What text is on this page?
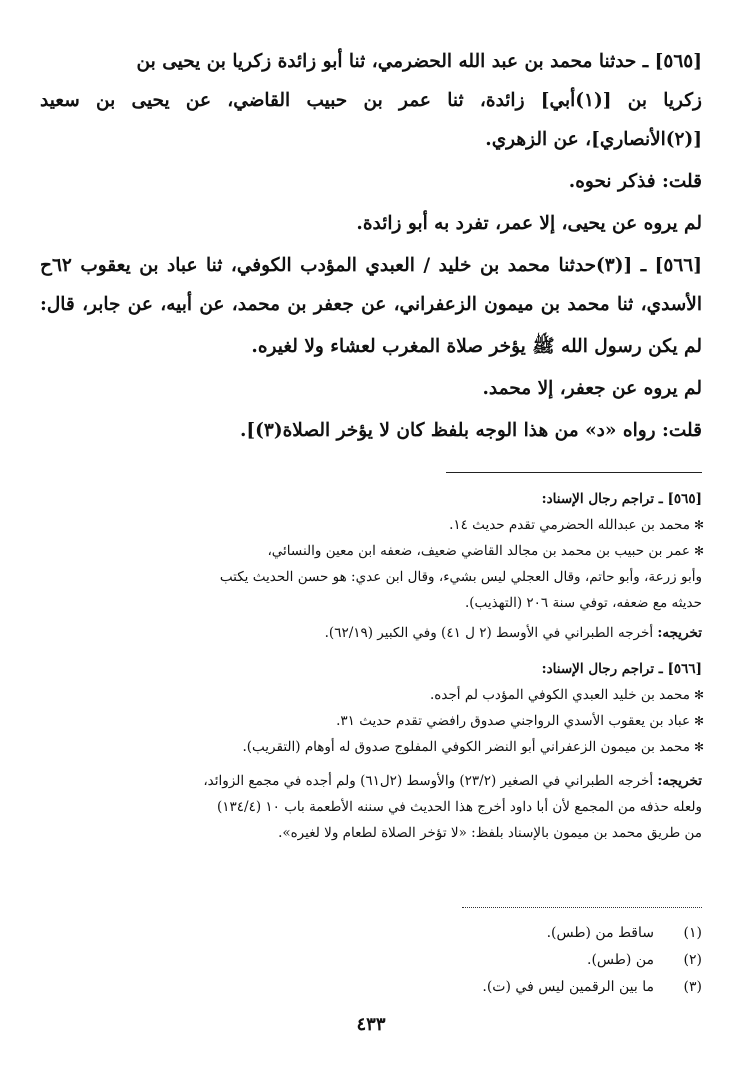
[٥٦٥] ـ حدثنا محمد بن عبد الله الحضرمي، ثنا أبو زائدة زكريا بن يحيى بن

زكريا بن [(١)أبي] زائدة، ثنا عمر بن حبيب القاضي، عن يحيى بن سعيد

[(٢)الأنصاري]، عن الزهري.

قلت: فذكر نحوه.

لم يروه عن يحيى، إلا عمر، تفرد به أبو زائدة.

[٥٦٦] ـ [(٣)حدثنا محمد بن خليد / العبدي المؤدب الكوفي، ثنا عباد بن يعقوب ٦٢ح

الأسدي، ثنا محمد بن ميمون الزعفراني، عن جعفر بن محمد، عن أبيه، عن جابر، قال:

لم يكن رسول الله ﷺ يؤخر صلاة المغرب لعشاء ولا لغيره.

لم يروه عن جعفر، إلا محمد.

قلت: رواه «د» من هذا الوجه بلفظ كان لا يؤخر الصلاة(٣)].

[٥٦٥] ـ تراجم رجال الإسناد:
✻ محمد بن عبدالله الحضرمي تقدم حديث ١٤.
✻ عمر بن حبيب بن محمد بن مجالد القاضي ضعيف، ضعفه ابن معين والنسائي،
وأبو زرعة، وأبو حاتم، وقال العجلي ليس بشيء، وقال ابن عدي: هو حسن الحديث يكتب
حديثه مع ضعفه، توفي سنة ٢٠٦ (التهذيب).
تخريجه: أخرجه الطبراني في الأوسط (٢ ل ٤١) وفي الكبير (٦٢/١٩).
[٥٦٦] ـ تراجم رجال الإسناد:
✻ محمد بن خليد العبدي الكوفي المؤدب لم أجده.
✻ عباد بن يعقوب الأسدي الرواجني صدوق رافضي تقدم حديث ٣١.
✻ محمد بن ميمون الزعفراني أبو النضر الكوفي المفلوج صدوق له أوهام (التقريب).
تخريجه: أخرجه الطبراني في الصغير (٢٣/٢) والأوسط (٢ل٦١) ولم أجده في مجمع الزوائد،
ولعله حذفه من المجمع لأن أبا داود أخرج هذا الحديث في سننه الأطعمة باب ١٠ (١٣٤/٤)
من طريق محمد بن ميمون بالإسناد بلفظ: «لا تؤخر الصلاة لطعام ولا لغيره».
(١)
ساقط من (طس).
(٢)
من (طس).
(٣)
ما بين الرقمين ليس في (ت).
٤٣٣
